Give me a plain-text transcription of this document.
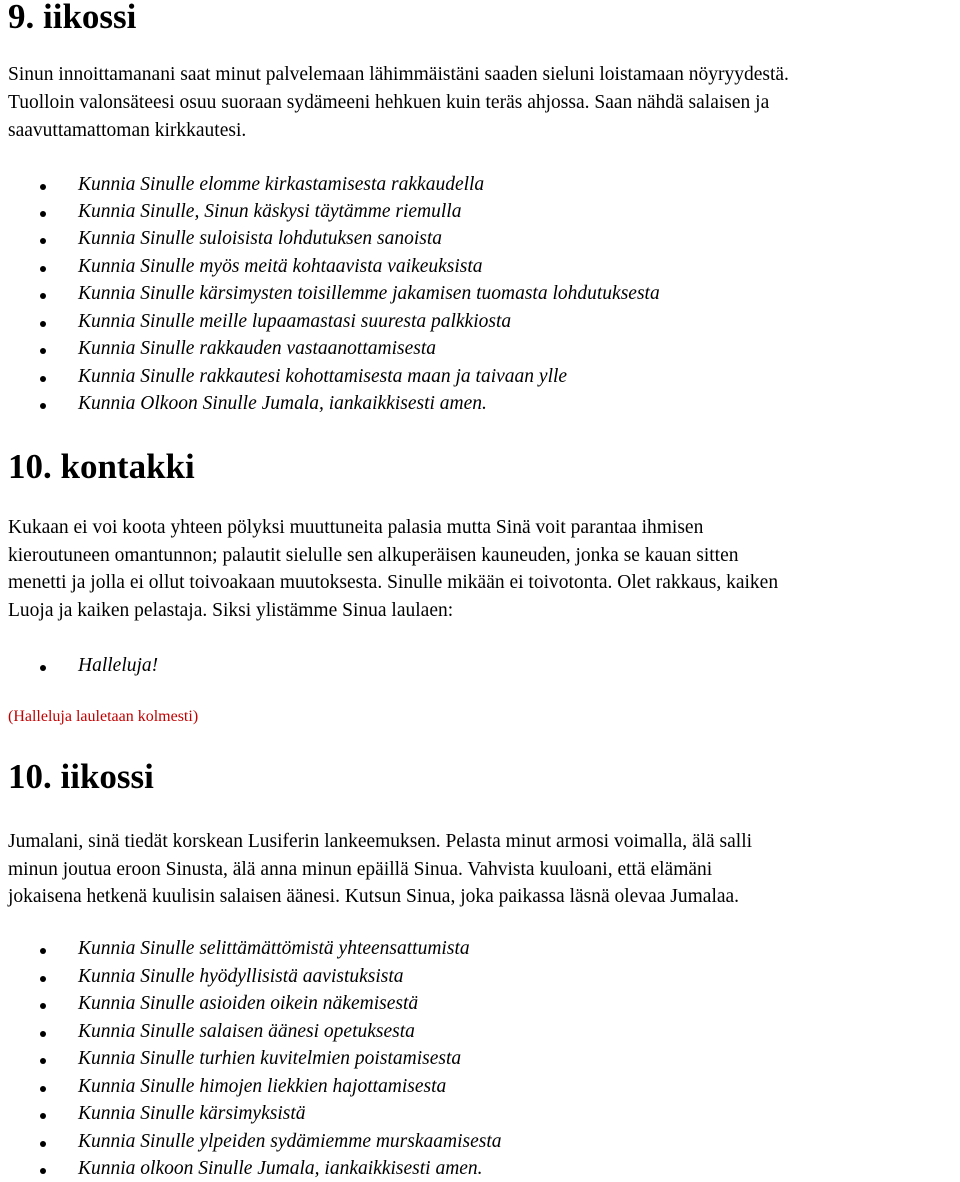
9. iikossi
Sinun innoittamanani saat minut palvelemaan lähimmäistäni saaden sieluni loistamaan nöyryydestä.
Tuolloin valonsäteesi osuu suoraan sydämeeni hehkuen kuin teräs ahjossa. Saan nähdä salaisen ja
saavuttamattoman kirkkautesi.
Kunnia Sinulle elomme kirkastamisesta rakkaudella
Kunnia Sinulle, Sinun käskysi täytämme riemulla
Kunnia Sinulle suloisista lohdutuksen sanoista
Kunnia Sinulle myös meitä kohtaavista vaikeuksista
Kunnia Sinulle kärsimysten toisillemme jakamisen tuomasta lohdutuksesta
Kunnia Sinulle meille lupaamastasi suuresta palkkiosta
Kunnia Sinulle rakkauden vastaanottamisesta
Kunnia Sinulle rakkautesi kohottamisesta maan ja taivaan ylle
Kunnia Olkoon Sinulle Jumala, iankaikkisesti amen.
10. kontakki
Kukaan ei voi koota yhteen pölyksi muuttuneita palasia mutta Sinä voit parantaa ihmisen
kieroutuneen omantunnon; palautit sielulle sen alkuperäisen kauneuden, jonka se kauan sitten
menetti ja jolla ei ollut toivoakaan muutoksesta. Sinulle mikään ei toivotonta. Olet rakkaus, kaiken
Luoja ja kaiken pelastaja. Siksi ylistämme Sinua laulaen:
Halleluja!
(Halleluja lauletaan kolmesti)
10. iikossi
Jumalani, sinä tiedät korskean Lusiferin lankeemuksen. Pelasta minut armosi voimalla, älä salli
minun joutua eroon Sinusta, älä anna minun epäillä Sinua. Vahvista kuuloani, että elämäni
jokaisena hetkenä kuulisin salaisen äänesi. Kutsun Sinua, joka paikassa läsnä olevaa Jumalaa.
Kunnia Sinulle selittämättömistä yhteensattumista
Kunnia Sinulle hyödyllisistä aavistuksista
Kunnia Sinulle asioiden oikein näkemisestä
Kunnia Sinulle salaisen äänesi opetuksesta
Kunnia Sinulle turhien kuvitelmien poistamisesta
Kunnia Sinulle himojen liekkien hajottamisesta
Kunnia Sinulle kärsimyksistä
Kunnia Sinulle ylpeiden sydämiemme murskaamisesta
Kunnia olkoon Sinulle Jumala, iankaikkisesti amen.
